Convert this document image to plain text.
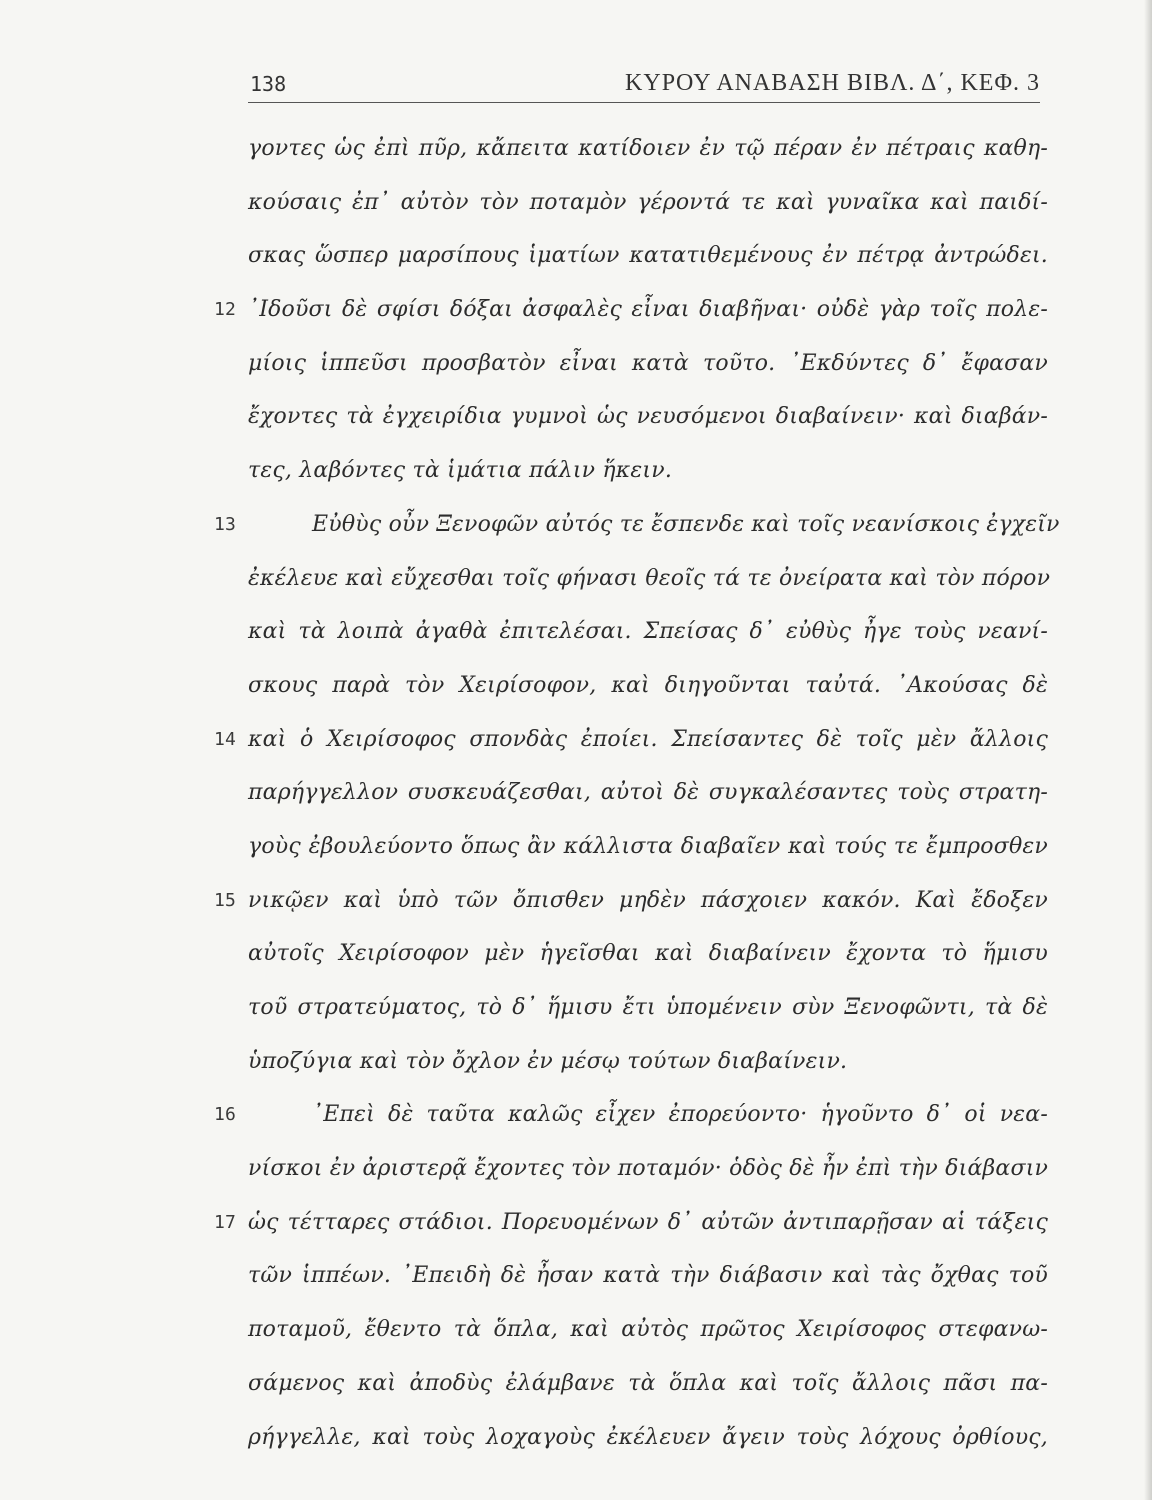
138	ΚΥΡΟΥ ΑΝΑΒΑΣΗ ΒΙΒΛ. Δ΄, ΚΕΦ. 3
γοντες ὡς ἐπὶ πῦρ, κἄπειτα κατίδοιεν ἐν τῷ πέραν ἐν πέτραις καθη-
κούσαις ἐπ᾽ αὐτὸν τὸν ποταμὸν γέροντά τε καὶ γυναῖκα καὶ παιδί-
σκας ὥσπερ μαρσίπους ἱματίων κατατιθεμένους ἐν πέτρᾳ ἀντρώδει.
12 ᾽Ιδοῦσι δὲ σφίσι δόξαι ἀσφαλὲς εἶναι διαβῆναι· οὐδὲ γὰρ τοῖς πολε-
μίοις ἱππεῦσι προσβατὸν εἶναι κατὰ τοῦτο. ᾽Εκδύντες δ᾽ ἔφασαν
ἔχοντες τὰ ἐγχειρίδια γυμνοὶ ὡς νευσόμενοι διαβαίνειν· καὶ διαβάν-
τες, λαβόντες τὰ ἱμάτια πάλιν ἥκειν.
13	Εὐθὺς οὖν Ξενοφῶν αὐτός τε ἔσπενδε καὶ τοῖς νεανίσκοις ἐγχεῖν
ἐκέλευε καὶ εὔχεσθαι τοῖς φήνασι θεοῖς τά τε ὀνείρατα καὶ τὸν πόρον
καὶ τὰ λοιπὰ ἀγαθὰ ἐπιτελέσαι. Σπείσας δ᾽ εὐθὺς ἦγε τοὺς νεανί-
σκους παρὰ τὸν Χειρίσοφον, καὶ διηγοῦνται ταὐτά. ᾽Ακούσας δὲ
14 καὶ ὁ Χειρίσοφος σπονδὰς ἐποίει. Σπείσαντες δὲ τοῖς μὲν ἄλλοις
παρήγγελλον συσκευάζεσθαι, αὐτοὶ δὲ συγκαλέσαντες τοὺς στρατη-
γοὺς ἐβουλεύοντο ὅπως ἂν κάλλιστα διαβαῖεν καὶ τούς τε ἔμπροσθεν
15 νικῷεν καὶ ὑπὸ τῶν ὄπισθεν μηδὲν πάσχοιεν κακόν. Καὶ ἔδοξεν
αὐτοῖς Χειρίσοφον μὲν ἡγεῖσθαι καὶ διαβαίνειν ἔχοντα τὸ ἥμισυ
τοῦ στρατεύματος, τὸ δ᾽ ἥμισυ ἔτι ὑπομένειν σὺν Ξενοφῶντι, τὰ δὲ
ὑποζύγια καὶ τὸν ὄχλον ἐν μέσῳ τούτων διαβαίνειν.
16	᾽Επεὶ δὲ ταῦτα καλῶς εἶχεν ἐπορεύοντο· ἡγοῦντο δ᾽ οἱ νεα-
νίσκοι ἐν ἀριστερᾷ ἔχοντες τὸν ποταμόν· ὁδὸς δὲ ἦν ἐπὶ τὴν διάβασιν
17 ὡς τέτταρες στάδιοι. Πορευομένων δ᾽ αὐτῶν ἀντιπαρῇσαν αἱ τάξεις
τῶν ἱππέων. ᾽Επειδὴ δὲ ἦσαν κατὰ τὴν διάβασιν καὶ τὰς ὄχθας τοῦ
ποταμοῦ, ἔθεντο τὰ ὅπλα, καὶ αὐτὸς πρῶτος Χειρίσοφος στεφανω-
σάμενος καὶ ἀποδὺς ἐλάμβανε τὰ ὅπλα καὶ τοῖς ἄλλοις πᾶσι πα-
ρήγγελλε, καὶ τοὺς λοχαγοὺς ἐκέλευεν ἄγειν τοὺς λόχους ὀρθίους,
